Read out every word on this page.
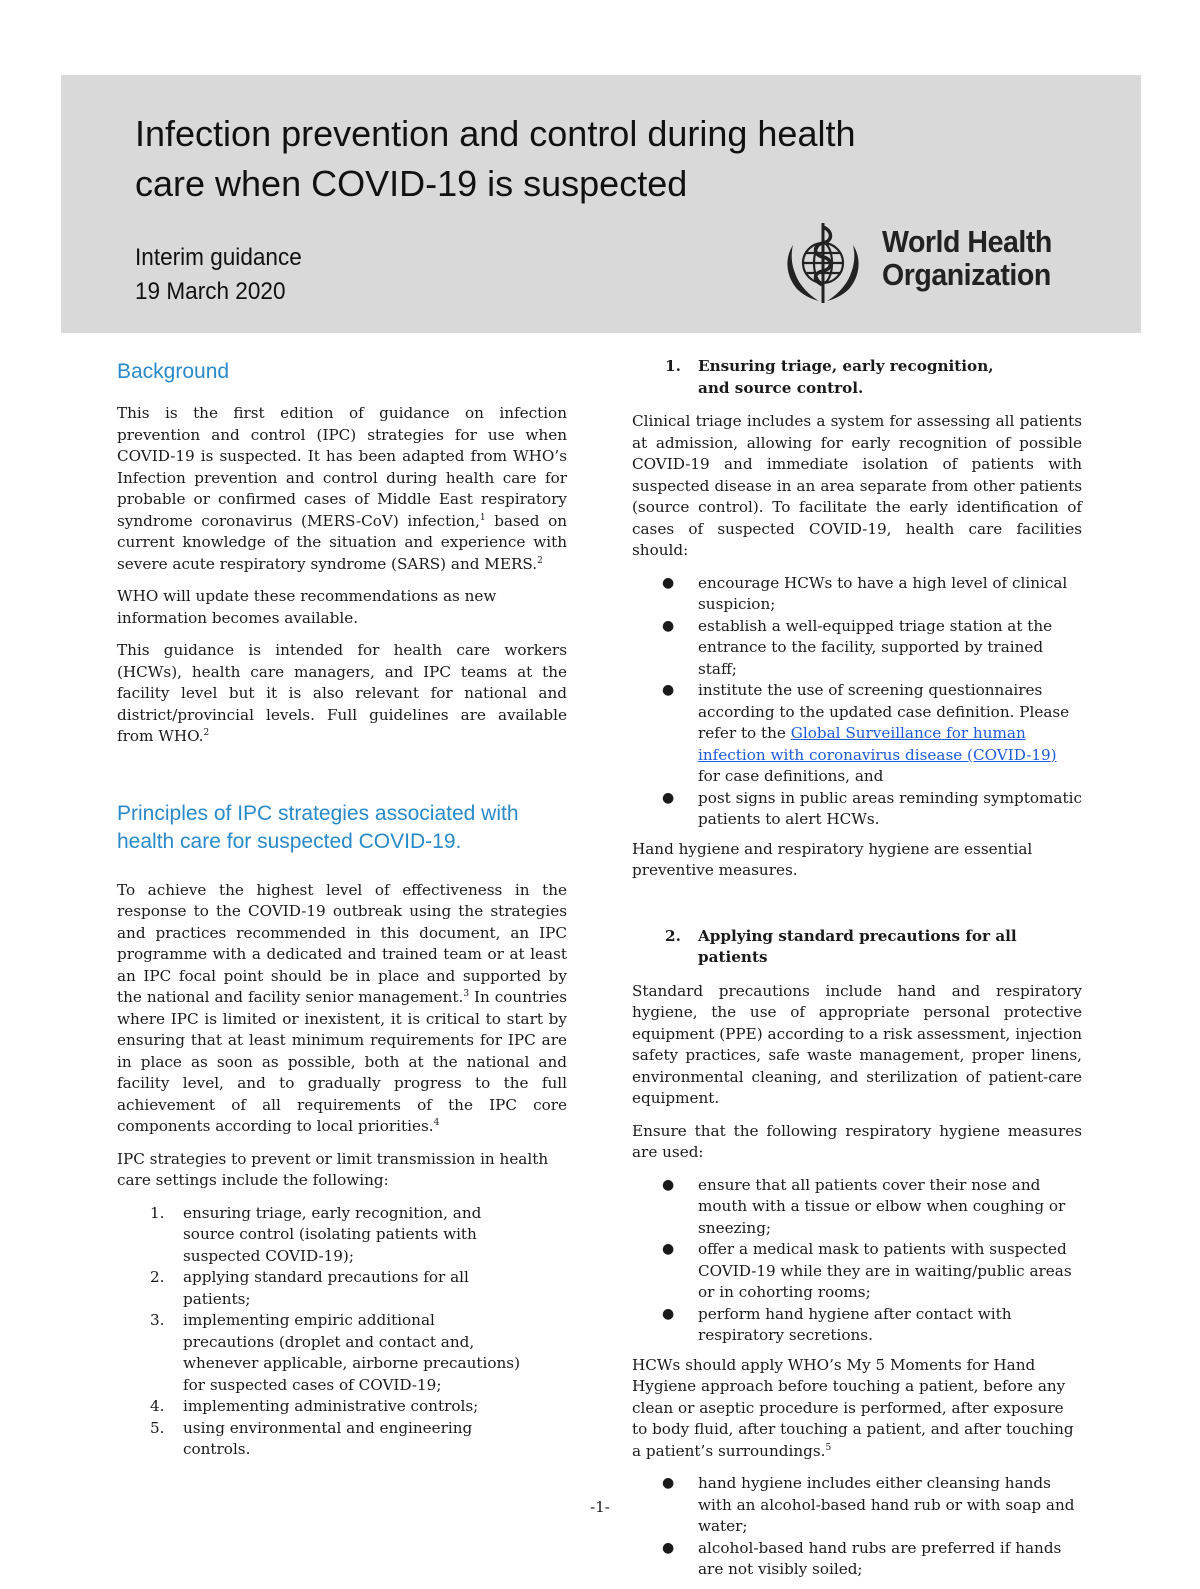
Infection prevention and control during health care when COVID-19 is suspected
Interim guidance
19 March 2020
World Health
Organization
Background

This is the first edition of guidance on infection prevention and control (IPC) strategies for use when COVID-19 is suspected. It has been adapted from WHO’s Infection prevention and control during health care for probable or confirmed cases of Middle East respiratory syndrome coronavirus (MERS-CoV) infection,$^1$ based on current knowledge of the situation and experience with severe acute respiratory syndrome (SARS) and MERS.$^2$

WHO will update these recommendations as new information becomes available.

This guidance is intended for health care workers (HCWs), health care managers, and IPC teams at the facility level but it is also relevant for national and district/provincial levels. Full guidelines are available from WHO.$^2$

Principles of IPC strategies associated with
health care for suspected COVID-19.

To achieve the highest level of effectiveness in the response to the COVID-19 outbreak using the strategies and practices recommended in this document, an IPC programme with a dedicated and trained team or at least an IPC focal point should be in place and supported by the national and facility senior management.$^3$ In countries where IPC is limited or inexistent, it is critical to start by ensuring that at least minimum requirements for IPC are in place as soon as possible, both at the national and facility level, and to gradually progress to the full achievement of all requirements of the IPC core components according to local priorities.$^4$

IPC strategies to prevent or limit transmission in health care settings include the following:

1. ensuring triage, early recognition, and source control (isolating patients with suspected COVID-19);
2. applying standard precautions for all patients;
3. implementing empiric additional precautions (droplet and contact and, whenever applicable, airborne precautions) for suspected cases of COVID-19;
4. implementing administrative controls;
5. using environmental and engineering controls.
1. Ensuring triage, early recognition, and source control.

Clinical triage includes a system for assessing all patients at admission, allowing for early recognition of possible COVID-19 and immediate isolation of patients with suspected disease in an area separate from other patients (source control). To facilitate the early identification of cases of suspected COVID-19, health care facilities should:

● encourage HCWs to have a high level of clinical suspicion;
● establish a well-equipped triage station at the entrance to the facility, supported by trained staff;
● institute the use of screening questionnaires according to the updated case definition. Please refer to the Global Surveillance for human infection with coronavirus disease (COVID-19) for case definitions, and
● post signs in public areas reminding symptomatic patients to alert HCWs.

Hand hygiene and respiratory hygiene are essential preventive measures.

2. Applying standard precautions for all patients

Standard precautions include hand and respiratory hygiene, the use of appropriate personal protective equipment (PPE) according to a risk assessment, injection safety practices, safe waste management, proper linens, environmental cleaning, and sterilization of patient-care equipment.

Ensure that the following respiratory hygiene measures are used:

● ensure that all patients cover their nose and mouth with a tissue or elbow when coughing or sneezing;
● offer a medical mask to patients with suspected COVID-19 while they are in waiting/public areas or in cohorting rooms;
● perform hand hygiene after contact with respiratory secretions.

HCWs should apply WHO’s My 5 Moments for Hand Hygiene approach before touching a patient, before any clean or aseptic procedure is performed, after exposure to body fluid, after touching a patient, and after touching a patient’s surroundings.$^5$

● hand hygiene includes either cleansing hands with an alcohol-based hand rub or with soap and water;
● alcohol-based hand rubs are preferred if hands are not visibly soiled;
-1-
